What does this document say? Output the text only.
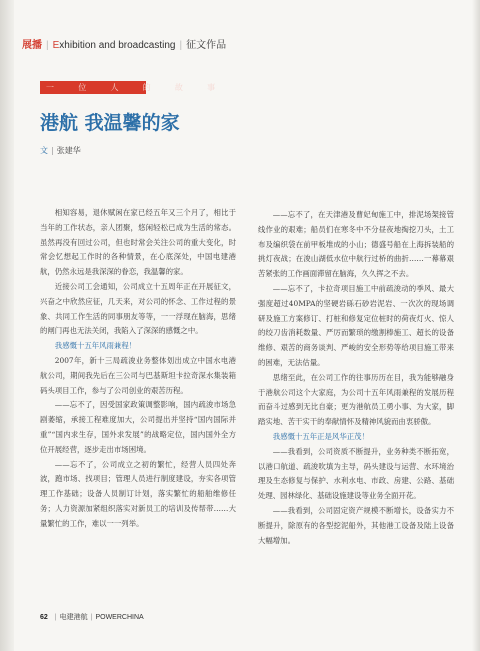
展播 | Exhibition and broadcasting | 征文作品
一 位 人 的 故 事
港航 我温馨的家
文 | 张建华

相知容易，退休赋闲在家已经五年又三个月了，相比于当年的工作状态，亲人团聚，悠闲轻松已成为生活的常态。虽然再没有回过公司，但也时常会关注公司的重大变化，时常会忆想起工作时的各种情景，在心底深处，中国电建港航，仍然永远是我深深的眷恋，我温馨的家。

近接公司工会通知，公司成立十五周年正在开展征文，兴奋之中欣然应征，几天来，对公司的怀念、工作过程的景象、共同工作生活的同事朋友等等，一一浮现在脑海，思绪的闸门再也无法关闭，我陷入了深深的感慨之中。

我感慨十五年风雨兼程！

2007年，新十三局疏浚业务整体划出成立中国水电港航公司，期间我先后在三公司与巴基斯坦卡拉奇深水集装箱码头项目工作，参与了公司创业的艰苦历程。

——忘不了，因受国家政策调整影响，国内疏浚市场急剧萎缩，承接工程难度加大，公司提出并坚持“国内国际并重”“国内求生存，国外求发展”的战略定位，国内国外全方位开展经营，逐步走出市场困境。

——忘不了，公司成立之初的繁忙，经营人员四处奔波，跑市场、找项目；管理人员进行制度建设，夯实各项管理工作基础；设备人员制订计划，落实繁忙的船舶维修任务；人力资源加紧组织落实对新员工的培训及传帮带……大量繁忙的工作，难以一一列举。

——忘不了，在天津港及曹妃甸施工中，排泥场架接管线作业的艰难；船员们在寒冬中不分昼夜地掏挖刀头，土工布及编织袋在前甲板堆成的小山；德盛号船在上海拆装船的挑灯夜战；在浚山湖低水位中航行过桥的曲折……一幕幕艰苦紧张的工作画面滞留在脑海，久久挥之不去。

——忘不了，卡拉奇项目施工中前疏浚动的季风、最大强度超过40MPA的坚硬岩砾石砂岩泥岩、一次次的现场调研及施工方案修订、打桩和修复定位桩时的荷夜灯火、惊人的绞刀齿消耗数量、严厉而繁琐的缴割棒施工、超长的设备维修、艰苦的商务谈判、严峻的安全形势等给项目施工带来的困难，无法估量。

思绪至此，在公司工作的往事历历在目，我为能够融身于港航公司这个大家庭，为公司十五年风雨兼程的发展历程而奋斗过感到无比自豪；更为港航员工勇小事、为大家，脚踏实地、苦干实干的奉献情怀及精神风貌而由衷骄傲。

我感慨十五年正是风华正茂！

——我看到，公司资质不断提升，业务种类不断拓宽，以港口航道、疏浚吹填为主导，码头建设与运营、水环境治理及生态修复与保护、水利水电、市政、房建、公路、基础处理、园林绿化、基础设施建设等业务全面开花。

——我看到，公司固定资产规模不断增长，设备实力不断提升，除原有的各型挖泥船外，其他港工设备及陆上设备大幅增加。

62 | 电建港航 | POWERCHINA
